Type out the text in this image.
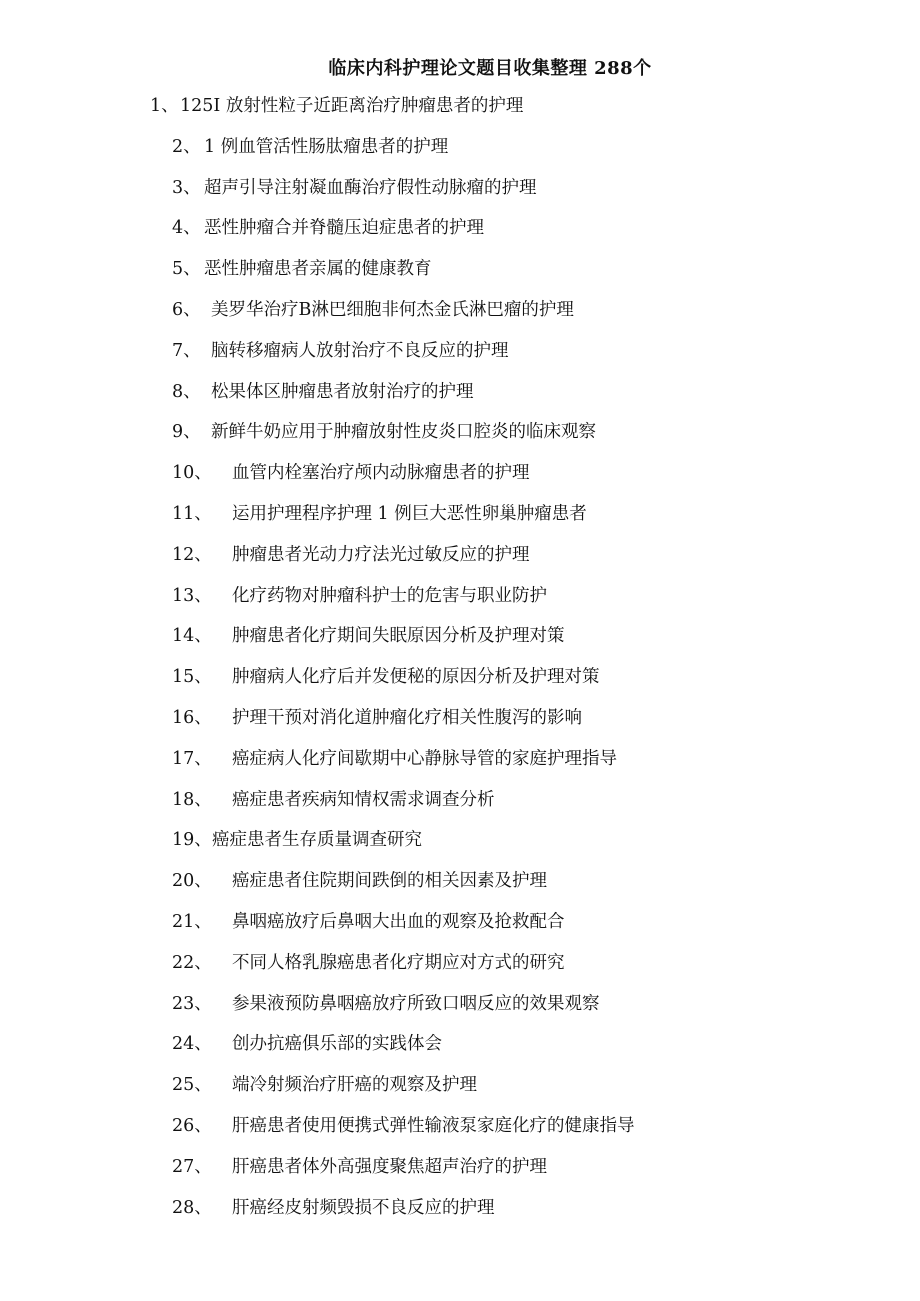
临床内科护理论文题目收集整理 288个
1、 125I 放射性粒子近距离治疗肿瘤患者的护理
2、 1 例血管活性肠肽瘤患者的护理
3、 超声引导注射凝血酶治疗假性动脉瘤的护理
4、 恶性肿瘤合并脊髓压迫症患者的护理
5、 恶性肿瘤患者亲属的健康教育
6、 美罗华治疗B淋巴细胞非何杰金氏淋巴瘤的护理
7、 脑转移瘤病人放射治疗不良反应的护理
8、 松果体区肿瘤患者放射治疗的护理
9、 新鲜牛奶应用于肿瘤放射性皮炎口腔炎的临床观察
10、 血管内栓塞治疗颅内动脉瘤患者的护理
11、 运用护理程序护理 1 例巨大恶性卵巢肿瘤患者
12、 肿瘤患者光动力疗法光过敏反应的护理
13、 化疗药物对肿瘤科护士的危害与职业防护
14、 肿瘤患者化疗期间失眠原因分析及护理对策
15、 肿瘤病人化疗后并发便秘的原因分析及护理对策
16、 护理干预对消化道肿瘤化疗相关性腹泻的影响
17、 癌症病人化疗间歇期中心静脉导管的家庭护理指导
18、 癌症患者疾病知情权需求调查分析
19、 癌症患者生存质量调查研究
20、 癌症患者住院期间跌倒的相关因素及护理
21、 鼻咽癌放疗后鼻咽大出血的观察及抢救配合
22、 不同人格乳腺癌患者化疗期应对方式的研究
23、 参果液预防鼻咽癌放疗所致口咽反应的效果观察
24、 创办抗癌俱乐部的实践体会
25、 端冷射频治疗肝癌的观察及护理
26、 肝癌患者使用便携式弹性输液泵家庭化疗的健康指导
27、 肝癌患者体外高强度聚焦超声治疗的护理
28、 肝癌经皮射频毁损不良反应的护理
